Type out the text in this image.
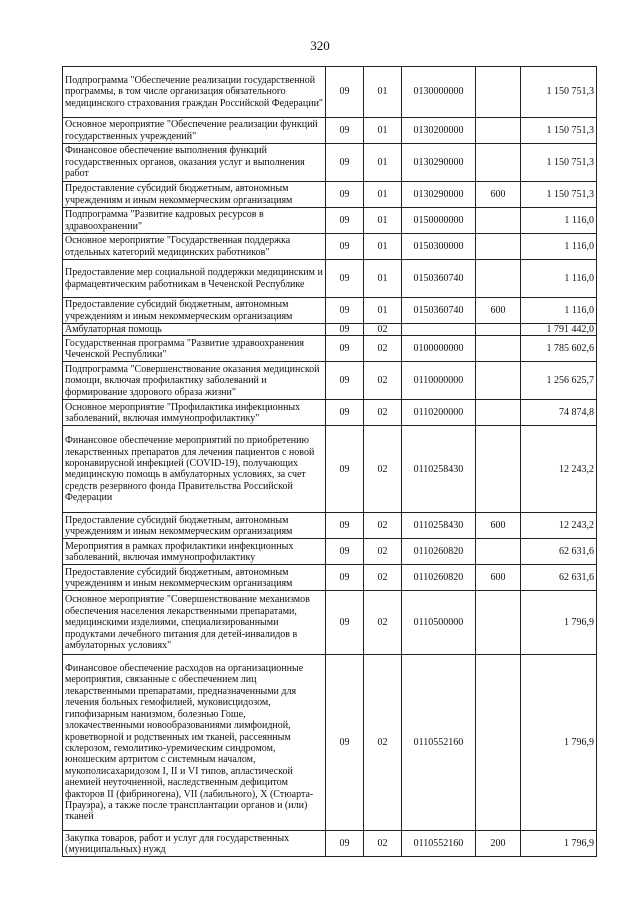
320
Подпрограмма "Обеспечение реализации государственной программы, в том числе организация обязательного медицинского страхования граждан Российской Федерации"	09	01	0130000000		1 150 751,3
Основное мероприятие "Обеспечение реализации функций государственных учреждений"	09	01	0130200000		1 150 751,3
Финансовое обеспечение выполнения функций государственных органов, оказания услуг и выполнения работ	09	01	0130290000		1 150 751,3
Предоставление субсидий бюджетным, автономным учреждениям и иным некоммерческим организациям	09	01	0130290000	600	1 150 751,3
Подпрограмма "Развитие кадровых ресурсов в здравоохранении"	09	01	0150000000		1 116,0
Основное мероприятие "Государственная поддержка отдельных категорий медицинских работников"	09	01	0150300000		1 116,0
Предоставление мер социальной поддержки медицинским и фармацевтическим работникам в Чеченской Республике	09	01	0150360740		1 116,0
Предоставление субсидий бюджетным, автономным учреждениям и иным некоммерческим организациям	09	01	0150360740	600	1 116,0
Амбулаторная помощь	09	02			1 791 442,0
Государственная программа "Развитие здравоохранения Чеченской Республики"	09	02	0100000000		1 785 602,6
Подпрограмма "Совершенствование оказания медицинской помощи, включая профилактику заболеваний и формирование здорового образа жизни"	09	02	0110000000		1 256 625,7
Основное мероприятие "Профилактика инфекционных заболеваний, включая иммунопрофилактику"	09	02	0110200000		74 874,8
Финансовое обеспечение мероприятий по приобретению лекарственных препаратов для лечения пациентов с новой коронавирусной инфекцией (COVID-19), получающих медицинскую помощь в амбулаторных условиях, за счет средств резервного фонда Правительства Российской Федерации	09	02	0110258430		12 243,2
Предоставление субсидий бюджетным, автономным учреждениям и иным некоммерческим организациям	09	02	0110258430	600	12 243,2
Мероприятия в рамках профилактики инфекционных заболеваний, включая иммунопрофилактику	09	02	0110260820		62 631,6
Предоставление субсидий бюджетным, автономным учреждениям и иным некоммерческим организациям	09	02	0110260820	600	62 631,6
Основное мероприятие "Совершенствование механизмов обеспечения населения лекарственными препаратами, медицинскими изделиями, специализированными продуктами лечебного питания для детей-инвалидов в амбулаторных условиях"	09	02	0110500000		1 796,9
Финансовое обеспечение расходов на организационные мероприятия, связанные с обеспечением лиц лекарственными препаратами, предназначенными для лечения больных гемофилией, муковисцидозом, гипофизарным нанизмом, болезнью Гоше, злокачественными новообразованиями лимфоидной, кроветворной и родственных им тканей, рассеянным склерозом, гемолитико-уремическим синдромом, юношеским артритом с системным началом, мукополисахаридозом I, II и VI типов, апластической анемией неуточненной, наследственным дефицитом факторов II (фибриногена), VII (лабильного), X (Стюарта-Прауэра), а также после трансплантации органов и (или) тканей	09	02	0110552160		1 796,9
Закупка товаров, работ и услуг для государственных (муниципальных) нужд	09	02	0110552160	200	1 796,9
